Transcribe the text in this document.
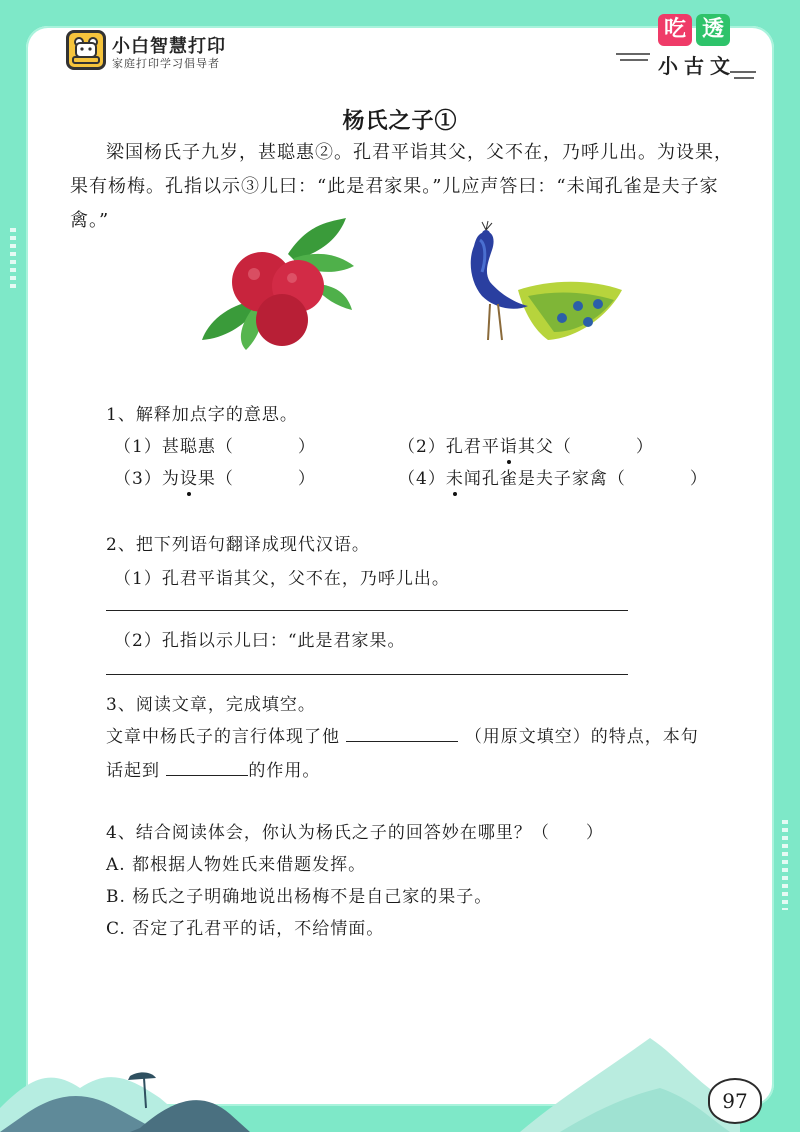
小白智慧打印
家庭打印学习倡导者
吃 透
小古文
杨氏之子①
梁国杨氏子九岁，甚聪惠②。孔君平诣其父，父不在，乃呼儿出。为设果，果有杨梅。孔指以示③儿曰：“此是君家果。”儿应声答曰：“未闻孔雀是夫子家禽。”
1、解释加点字的意思。
（1）甚聪惠（	）	（2）孔君平诣其父（	）
（3）为设果（	）	（4）未闻孔雀是夫子家禽（	）
2、把下列语句翻译成现代汉语。
（1）孔君平诣其父，父不在，乃呼儿出。
（2）孔指以示儿曰：“此是君家果。
3、阅读文章，完成填空。
文章中杨氏子的言行体现了他	（用原文填空）的特点，本句
话起到	的作用。
4、结合阅读体会，你认为杨氏之子的回答妙在哪里？（　　）
A. 都根据人物姓氏来借题发挥。
B. 杨氏之子明确地说出杨梅不是自己家的果子。
C. 否定了孔君平的话，不给情面。
97
